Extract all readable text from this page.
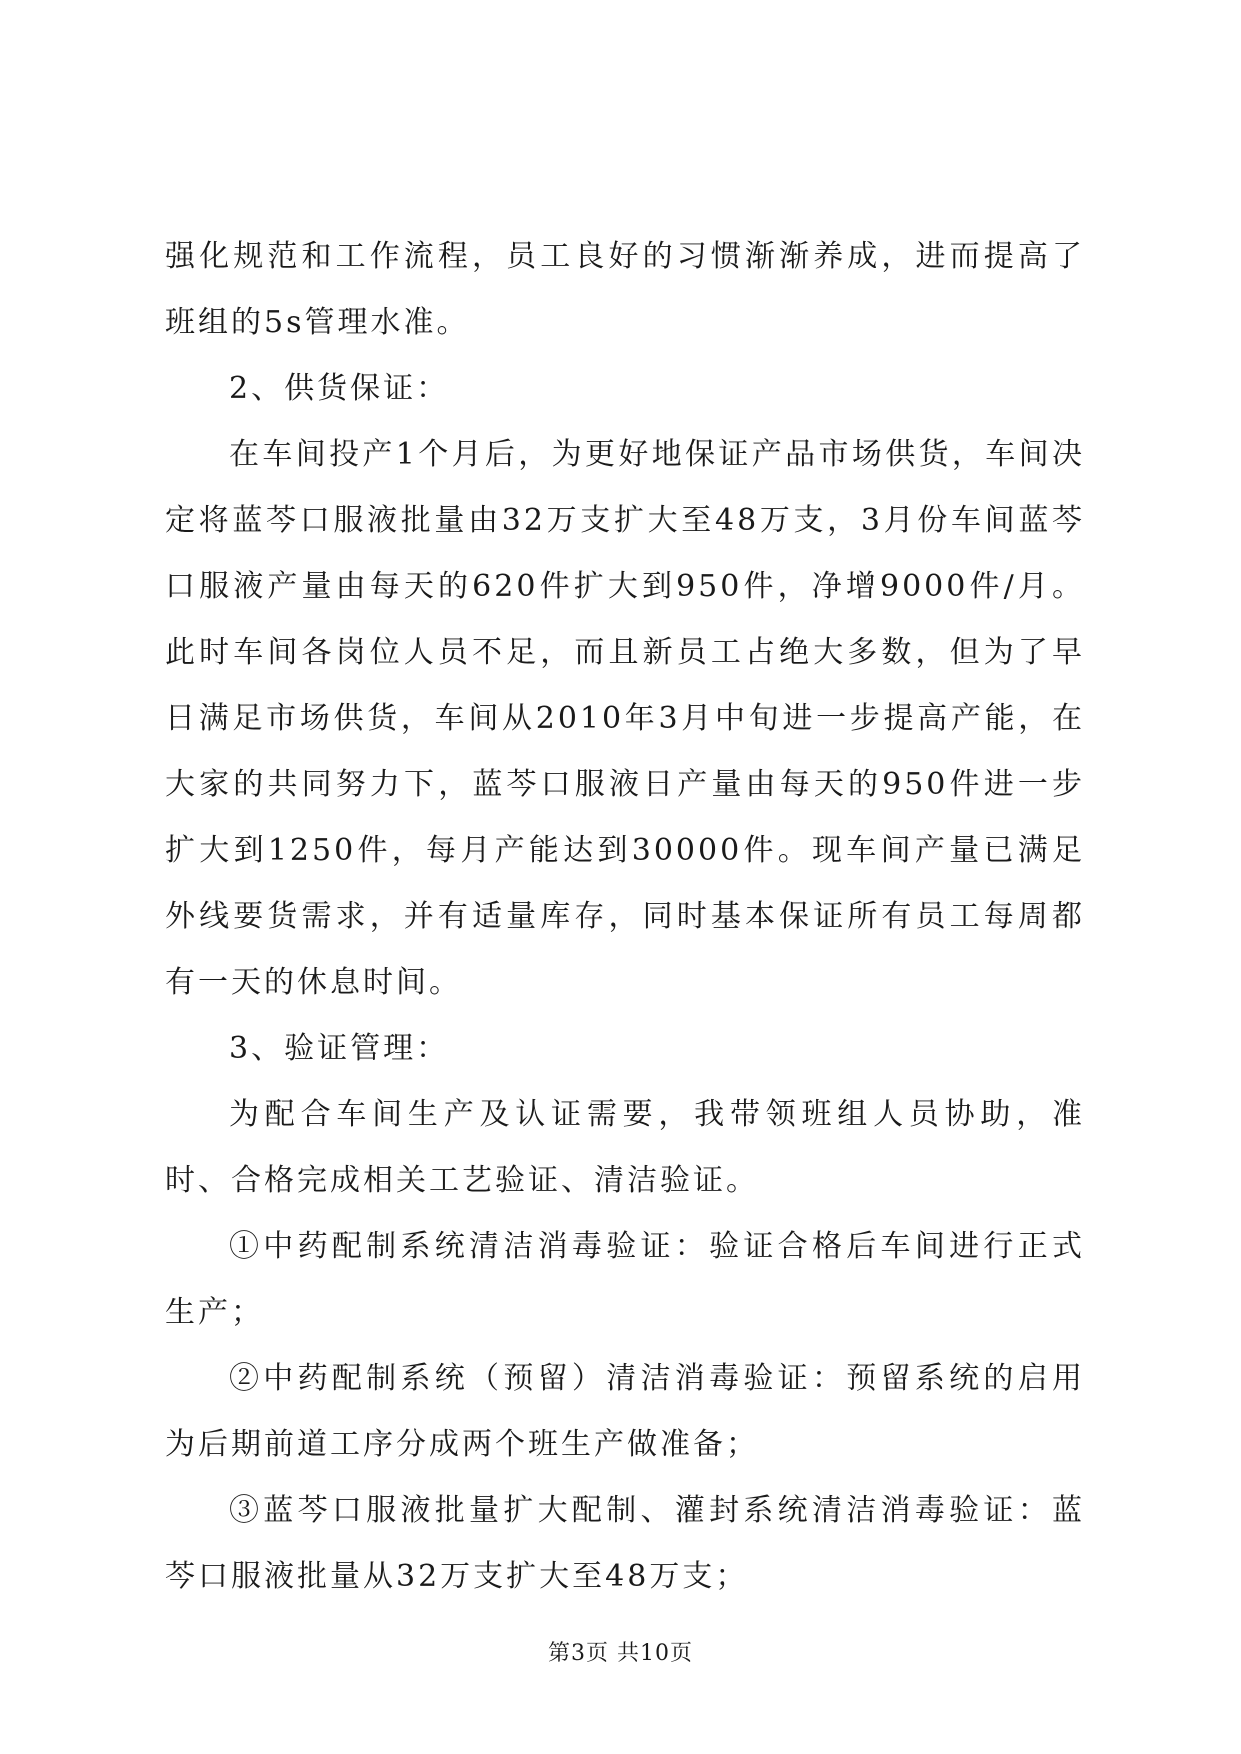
强化规范和工作流程，员工良好的习惯渐渐养成，进而提高了班组的5s管理水准。

2、供货保证：

在车间投产1个月后，为更好地保证产品市场供货，车间决定将蓝芩口服液批量由32万支扩大至48万支，3月份车间蓝芩口服液产量由每天的620件扩大到950件，净增9000件/月。此时车间各岗位人员不足，而且新员工占绝大多数，但为了早日满足市场供货，车间从2010年3月中旬进一步提高产能，在大家的共同努力下，蓝芩口服液日产量由每天的950件进一步扩大到1250件，每月产能达到30000件。现车间产量已满足外线要货需求，并有适量库存，同时基本保证所有员工每周都有一天的休息时间。

3、验证管理：

为配合车间生产及认证需要，我带领班组人员协助，准时、合格完成相关工艺验证、清洁验证。

①中药配制系统清洁消毒验证：验证合格后车间进行正式生产；

②中药配制系统（预留）清洁消毒验证：预留系统的启用为后期前道工序分成两个班生产做准备；

③蓝芩口服液批量扩大配制、灌封系统清洁消毒验证：蓝芩口服液批量从32万支扩大至48万支；

第3页 共10页
